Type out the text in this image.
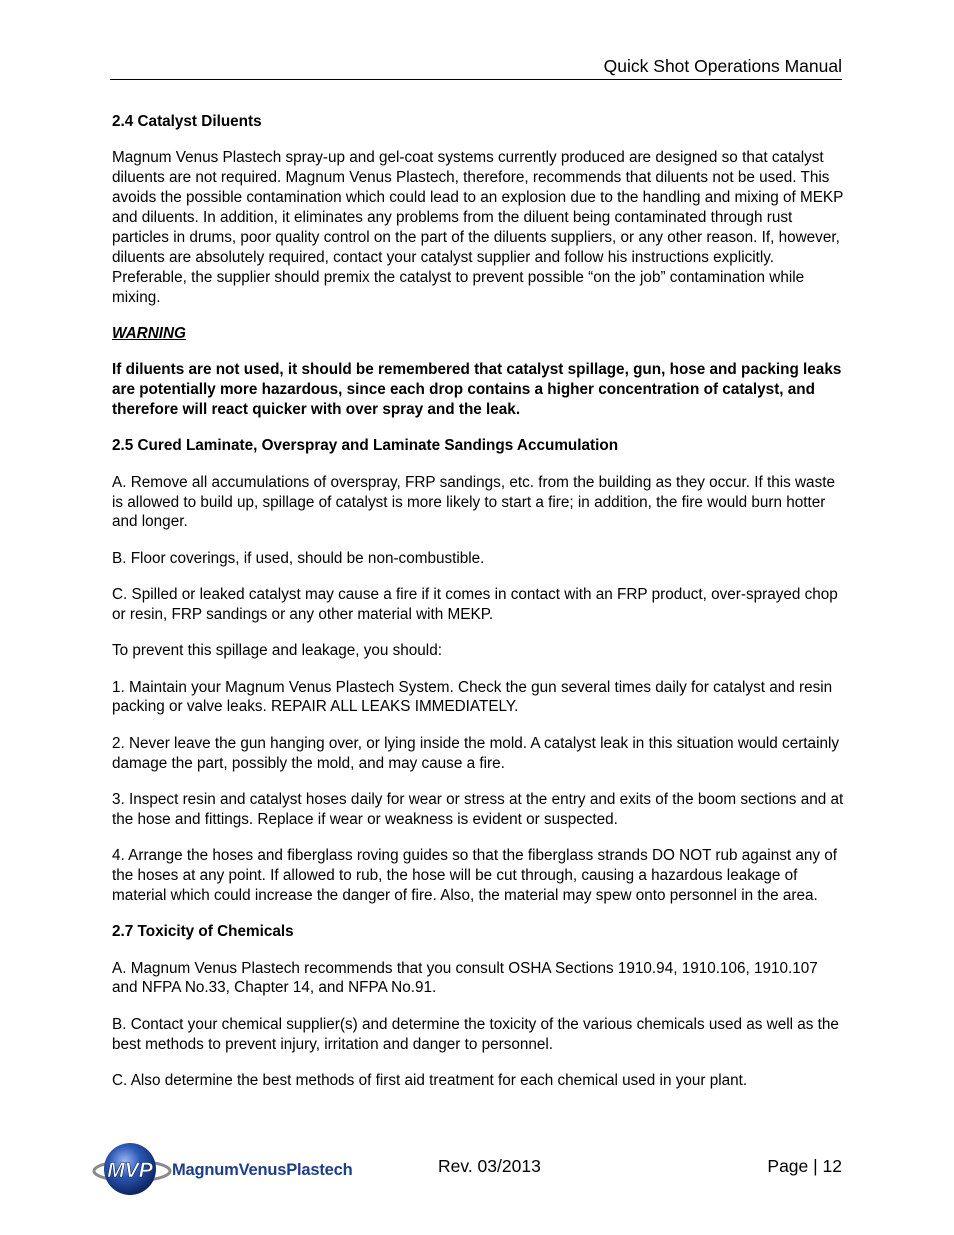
Quick Shot Operations Manual
2.4 Catalyst Diluents

Magnum Venus Plastech spray-up and gel-coat systems currently produced are designed so that catalyst diluents are not required. Magnum Venus Plastech, therefore, recommends that diluents not be used. This avoids the possible contamination which could lead to an explosion due to the handling and mixing of MEKP and diluents. In addition, it eliminates any problems from the diluent being contaminated through rust particles in drums, poor quality control on the part of the diluents suppliers, or any other reason. If, however, diluents are absolutely required, contact your catalyst supplier and follow his instructions explicitly. Preferable, the supplier should premix the catalyst to prevent possible “on the job” contamination while mixing.

WARNING

If diluents are not used, it should be remembered that catalyst spillage, gun, hose and packing leaks are potentially more hazardous, since each drop contains a higher concentration of catalyst, and therefore will react quicker with over spray and the leak.

2.5 Cured Laminate, Overspray and Laminate Sandings Accumulation

A. Remove all accumulations of overspray, FRP sandings, etc. from the building as they occur. If this waste is allowed to build up, spillage of catalyst is more likely to start a fire; in addition, the fire would burn hotter and longer.

B. Floor coverings, if used, should be non-combustible.

C. Spilled or leaked catalyst may cause a fire if it comes in contact with an FRP product, over-sprayed chop or resin, FRP sandings or any other material with MEKP.

To prevent this spillage and leakage, you should:

1. Maintain your Magnum Venus Plastech System. Check the gun several times daily for catalyst and resin packing or valve leaks. REPAIR ALL LEAKS IMMEDIATELY.

2. Never leave the gun hanging over, or lying inside the mold. A catalyst leak in this situation would certainly damage the part, possibly the mold, and may cause a fire.

3. Inspect resin and catalyst hoses daily for wear or stress at the entry and exits of the boom sections and at the hose and fittings. Replace if wear or weakness is evident or suspected.

4. Arrange the hoses and fiberglass roving guides so that the fiberglass strands DO NOT rub against any of the hoses at any point. If allowed to rub, the hose will be cut through, causing a hazardous leakage of material which could increase the danger of fire. Also, the material may spew onto personnel in the area.

2.7 Toxicity of Chemicals

A. Magnum Venus Plastech recommends that you consult OSHA Sections 1910.94, 1910.106, 1910.107 and NFPA No.33, Chapter 14, and NFPA No.91.

B. Contact your chemical supplier(s) and determine the toxicity of the various chemicals used as well as the best methods to prevent injury, irritation and danger to personnel.

C. Also determine the best methods of first aid treatment for each chemical used in your plant.

MVP MagnumVenusPlastech	Rev. 03/2013	Page | 12
